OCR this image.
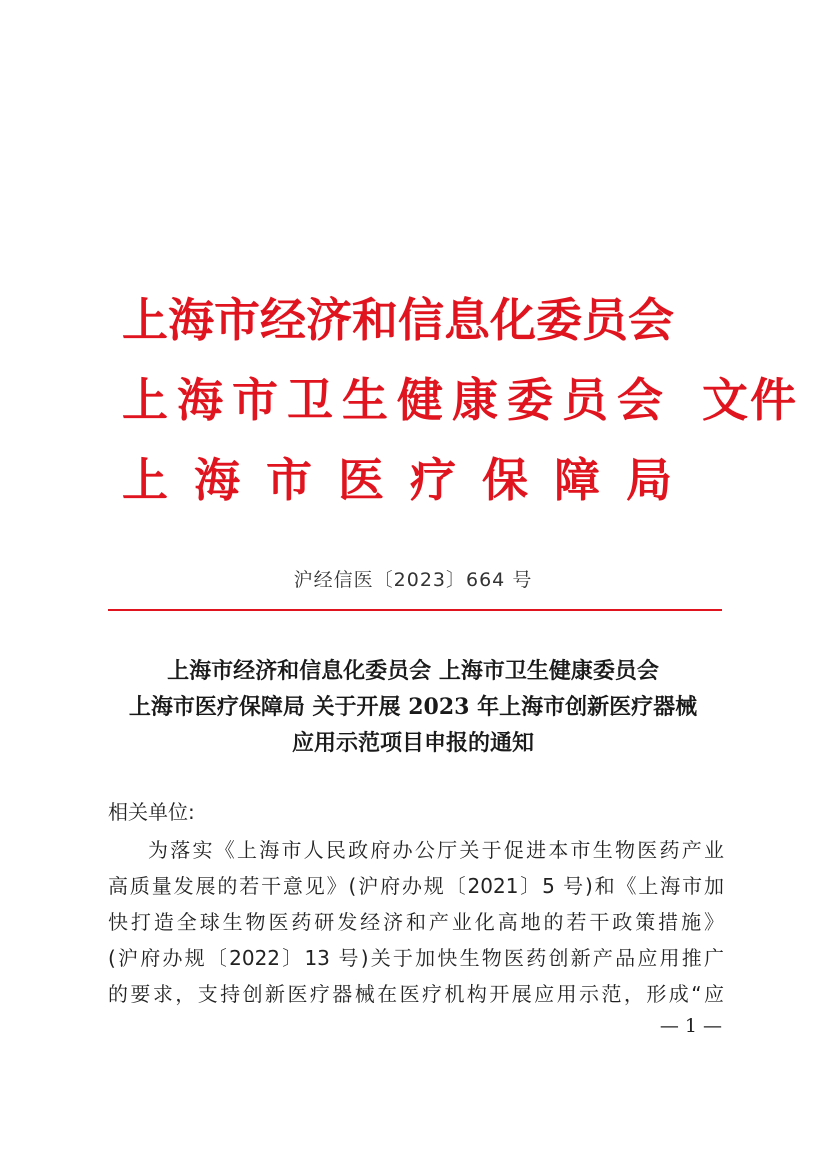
上海市经济和信息化委员会
上海市卫生健康委员会 文件
上海市医疗保障局
沪经信医〔2023〕664 号
上海市经济和信息化委员会 上海市卫生健康委员会
上海市医疗保障局 关于开展 2023 年上海市创新医疗器械
应用示范项目申报的通知
相关单位:
为落实《上海市人民政府办公厅关于促进本市生物医药产业
高质量发展的若干意见》(沪府办规〔2021〕5 号)和《上海市加
快打造全球生物医药研发经济和产业化高地的若干政策措施》
(沪府办规〔2022〕13 号)关于加快生物医药创新产品应用推广
的要求，支持创新医疗器械在医疗机构开展应用示范，形成“应
— 1 —
